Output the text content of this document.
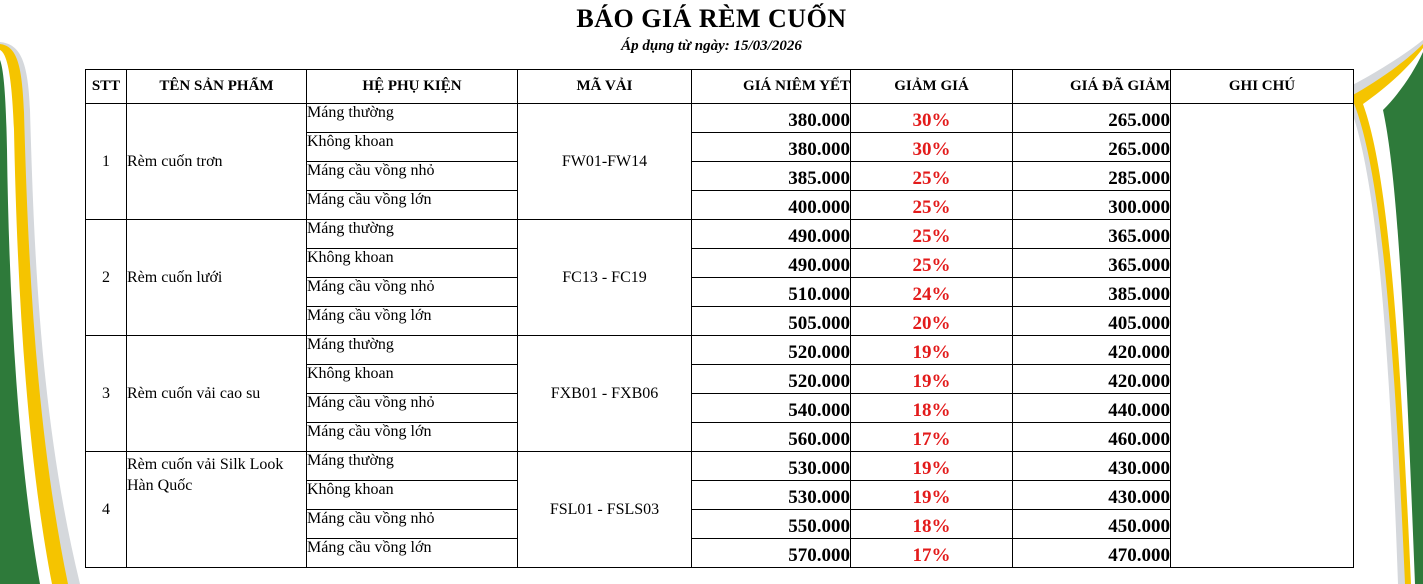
BÁO GIÁ RÈM CUỐN
Áp dụng từ ngày: 15/03/2026
STT	TÊN SẢN PHẨM	HỆ PHỤ KIỆN	MÃ VẢI	GIÁ NIÊM YẾT	GIẢM GIÁ	GIÁ ĐÃ GIẢM	GHI CHÚ
1	Rèm cuốn trơn	Máng thường	FW01-FW14	380.000	30%	265.000	
		Không khoan		380.000	30%	265.000	
		Máng cầu vồng nhỏ		385.000	25%	285.000	
		Máng cầu vồng lớn		400.000	25%	300.000	
2	Rèm cuốn lưới	Máng thường	FC13 - FC19	490.000	25%	365.000	
		Không khoan		490.000	25%	365.000	
		Máng cầu vồng nhỏ		510.000	24%	385.000	
		Máng cầu vồng lớn		505.000	20%	405.000	
3	Rèm cuốn vải cao su	Máng thường	FXB01 - FXB06	520.000	19%	420.000	
		Không khoan		520.000	19%	420.000	
		Máng cầu vồng nhỏ		540.000	18%	440.000	
		Máng cầu vồng lớn		560.000	17%	460.000	
4	Rèm cuốn vải Silk Look Hàn Quốc	Máng thường	FSL01 - FSLS03	530.000	19%	430.000	
		Không khoan		530.000	19%	430.000	
		Máng cầu vồng nhỏ		550.000	18%	450.000	
		Máng cầu vồng lớn		570.000	17%	470.000	
